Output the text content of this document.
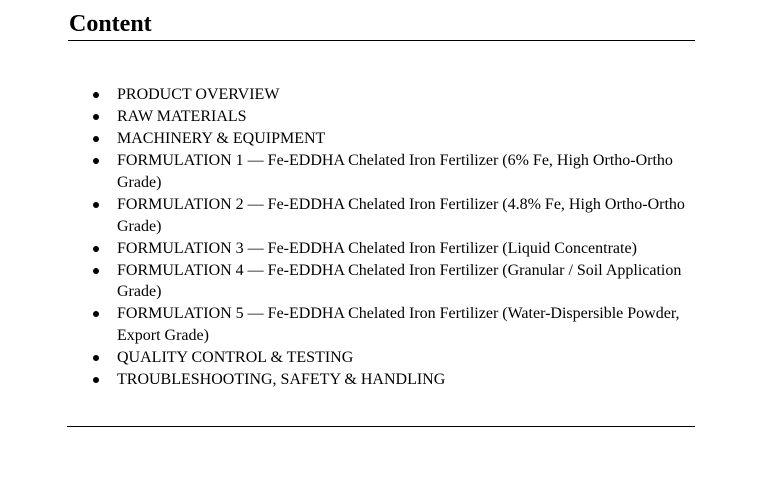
Content
PRODUCT OVERVIEW
RAW MATERIALS
MACHINERY & EQUIPMENT
FORMULATION 1 — Fe-EDDHA Chelated Iron Fertilizer (6% Fe, High Ortho-Ortho Grade)
FORMULATION 2 — Fe-EDDHA Chelated Iron Fertilizer (4.8% Fe, High Ortho-Ortho Grade)
FORMULATION 3 — Fe-EDDHA Chelated Iron Fertilizer (Liquid Concentrate)
FORMULATION 4 — Fe-EDDHA Chelated Iron Fertilizer (Granular / Soil Application Grade)
FORMULATION 5 — Fe-EDDHA Chelated Iron Fertilizer (Water-Dispersible Powder, Export Grade)
QUALITY CONTROL & TESTING
TROUBLESHOOTING, SAFETY & HANDLING
